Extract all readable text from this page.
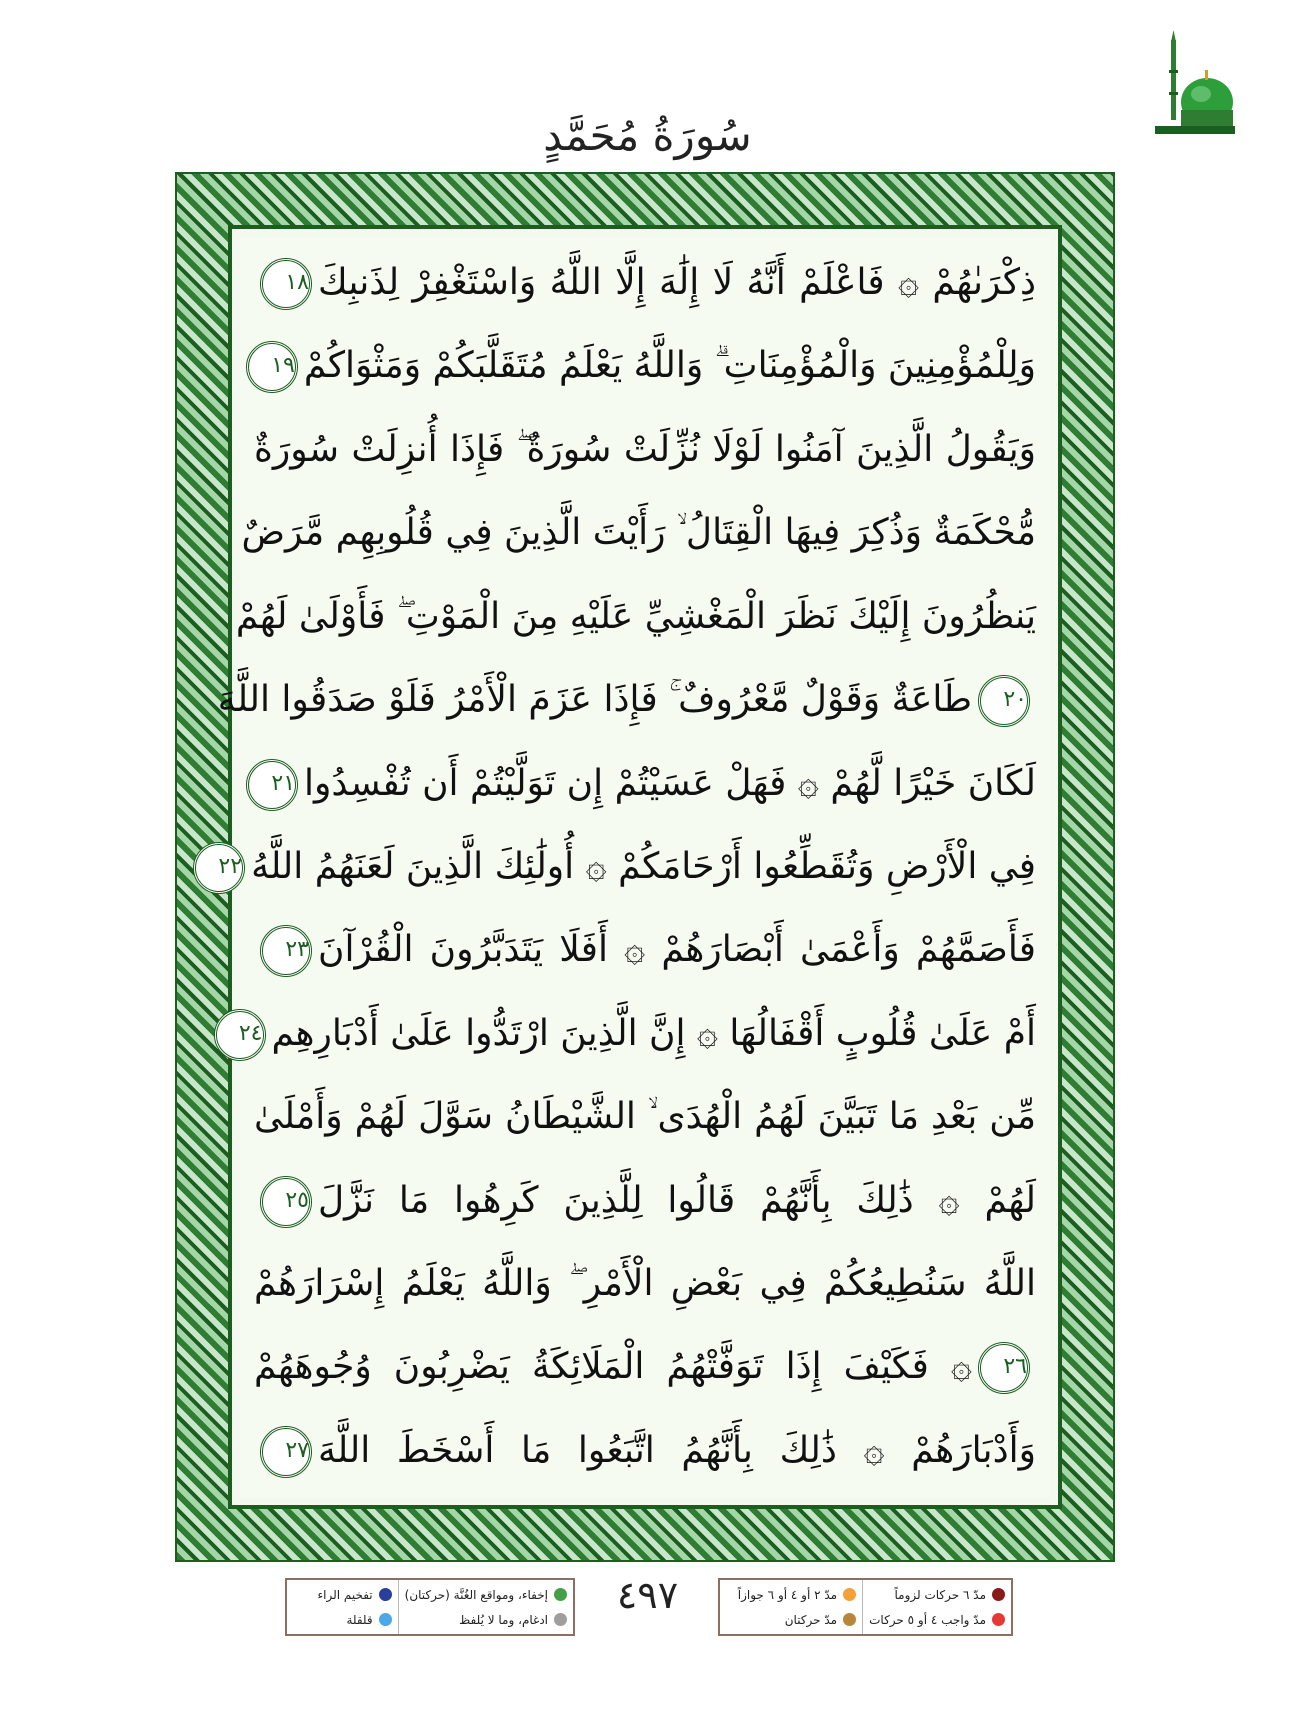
سُورَةُ مُحَمَّدٍ
ذِكْرَىٰهُمْ ۞ فَاعْلَمْ أَنَّهُ لَا إِلَٰهَ إِلَّا اللَّهُ وَاسْتَغْفِرْ لِذَنبِكَ١٨
وَلِلْمُؤْمِنِينَ وَالْمُؤْمِنَاتِ ۗ وَاللَّهُ يَعْلَمُ مُتَقَلَّبَكُمْ وَمَثْوَاكُمْ١٩
وَيَقُولُ الَّذِينَ آمَنُوا لَوْلَا نُزِّلَتْ سُورَةٌ ۖ فَإِذَا أُنزِلَتْ سُورَةٌ
مُّحْكَمَةٌ وَذُكِرَ فِيهَا الْقِتَالُ ۙ رَأَيْتَ الَّذِينَ فِي قُلُوبِهِم مَّرَضٌ
يَنظُرُونَ إِلَيْكَ نَظَرَ الْمَغْشِيِّ عَلَيْهِ مِنَ الْمَوْتِ ۖ فَأَوْلَىٰ لَهُمْ
٢٠طَاعَةٌ وَقَوْلٌ مَّعْرُوفٌ ۚ فَإِذَا عَزَمَ الْأَمْرُ فَلَوْ صَدَقُوا اللَّهَ
لَكَانَ خَيْرًا لَّهُمْ ۞ فَهَلْ عَسَيْتُمْ إِن تَوَلَّيْتُمْ أَن تُفْسِدُوا٢١
فِي الْأَرْضِ وَتُقَطِّعُوا أَرْحَامَكُمْ ۞ أُولَٰئِكَ الَّذِينَ لَعَنَهُمُ اللَّهُ٢٢
فَأَصَمَّهُمْ وَأَعْمَىٰ أَبْصَارَهُمْ ۞ أَفَلَا يَتَدَبَّرُونَ الْقُرْآنَ٢٣
أَمْ عَلَىٰ قُلُوبٍ أَقْفَالُهَا ۞ إِنَّ الَّذِينَ ارْتَدُّوا عَلَىٰ أَدْبَارِهِم٢٤
مِّن بَعْدِ مَا تَبَيَّنَ لَهُمُ الْهُدَى ۙ الشَّيْطَانُ سَوَّلَ لَهُمْ وَأَمْلَىٰ
لَهُمْ ۞ ذَٰلِكَ بِأَنَّهُمْ قَالُوا لِلَّذِينَ كَرِهُوا مَا نَزَّلَ٢٥
اللَّهُ سَنُطِيعُكُمْ فِي بَعْضِ الْأَمْرِ ۖ وَاللَّهُ يَعْلَمُ إِسْرَارَهُمْ
٢٦۞ فَكَيْفَ إِذَا تَوَفَّتْهُمُ الْمَلَائِكَةُ يَضْرِبُونَ وُجُوهَهُمْ
وَأَدْبَارَهُمْ ۞ ذَٰلِكَ بِأَنَّهُمُ اتَّبَعُوا مَا أَسْخَطَ اللَّهَ٢٧
مدّ ٦ حركات لزوماً
مدّ واجب ٤ أو ٥ حركات
مدّ ٢ أو ٤ أو ٦ جوازاً
مدّ حركتان
٤٩٧
إخفاء، ومواقع الغُنَّة (حركتان)
ادغام، وما لا يُلفظ
تفخيم الراء
قلقلة
